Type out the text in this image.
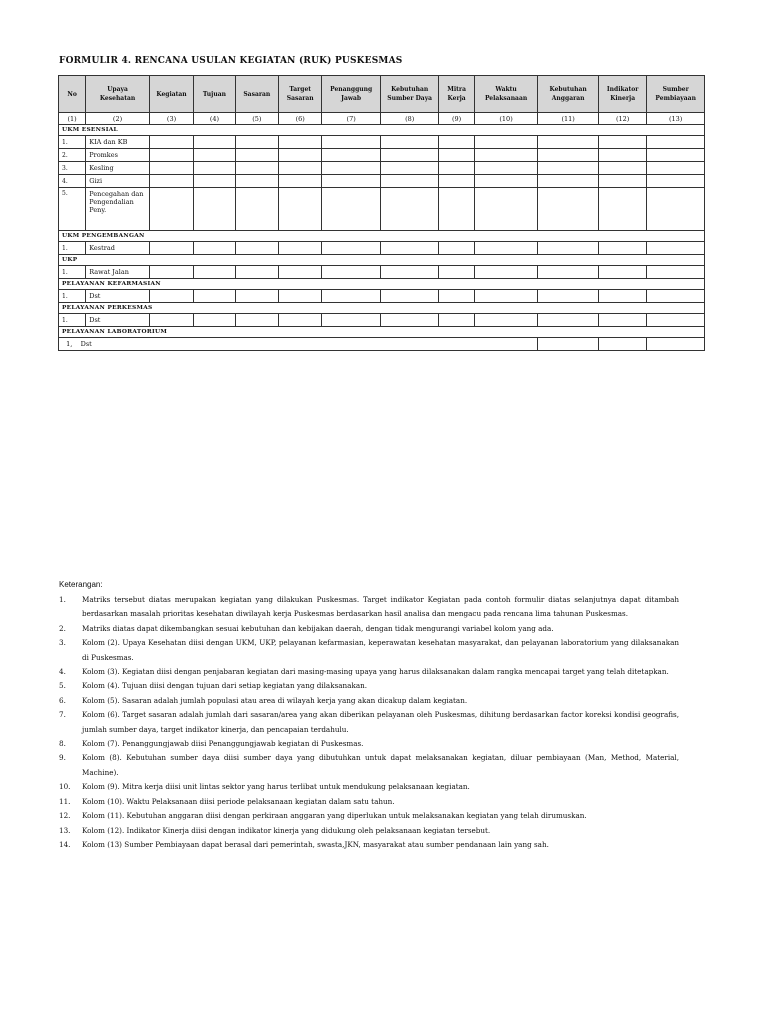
FORMULIR 4. RENCANA USULAN KEGIATAN (RUK) PUSKESMAS
No	Upaya Kesehatan	Kegiatan	Tujuan	Sasaran	Target Sasaran	Penanggung Jawab	Kebutuhan Sumber Daya	Mitra Kerja	Waktu Pelaksanaan	Kebutuhan Anggaran	Indikator Kinerja	Sumber Pembiayaan
(1)	(2)	(3)	(4)	(5)	(6)	(7)	(8)	(9)	(10)	(11)	(12)	(13)
UKM ESENSIAL												
1.	KIA dan KB											
2.	Promkes											
3.	Kesling											
4.	Gizi											
5.	Pencegahan dan Pengendalian Peny.											
UKM PENGEMBANGAN												
1.	Kestrad											
UKP												
1.	Rawat Jalan											
PELAYANAN KEFARMASIAN												
1.	Dst											
PELAYANAN PERKESMAS												
1.	Dst											
PELAYANAN LABORATORIUM												
1, Dst												
Keterangan:
1.	Matriks tersebut diatas merupakan kegiatan yang dilakukan Puskesmas. Target indikator Kegiatan pada contoh formulir diatas selanjutnya dapat ditambah berdasarkan masalah prioritas kesehatan diwilayah kerja Puskesmas berdasarkan hasil analisa dan mengacu pada rencana lima tahunan Puskesmas.
2.	Matriks diatas dapat dikembangkan sesuai kebutuhan dan kebijakan daerah, dengan tidak mengurangi variabel kolom yang ada.
3.	Kolom (2). Upaya Kesehatan diisi dengan UKM, UKP, pelayanan kefarmasian, keperawatan kesehatan masyarakat, dan pelayanan laboratorium yang dilaksanakan di Puskesmas.
4.	Kolom (3). Kegiatan diisi dengan penjabaran kegiatan dari masing-masing upaya yang harus dilaksanakan dalam rangka mencapai target yang telah ditetapkan.
5.	Kolom (4). Tujuan diisi dengan tujuan dari setiap kegiatan yang dilaksanakan.
6.	Kolom (5). Sasaran adalah jumlah populasi atau area di wilayah kerja yang akan dicakup dalam kegiatan.
7.	Kolom (6). Target sasaran adalah jumlah dari sasaran/area yang akan diberikan pelayanan oleh Puskesmas, dihitung berdasarkan factor koreksi kondisi geografis, jumlah sumber daya, target indikator kinerja, dan pencapaian terdahulu.
8.	Kolom (7). Penanggungjawab diisi Penanggungjawab kegiatan di Puskesmas.
9.	Kolom (8). Kebutuhan sumber daya diisi sumber daya yang dibutuhkan untuk dapat melaksanakan kegiatan, diluar pembiayaan (Man, Method, Material, Machine).
10.	Kolom (9). Mitra kerja diisi unit lintas sektor yang harus terlibat untuk mendukung pelaksanaan kegiatan.
11.	Kolom (10). Waktu Pelaksanaan diisi periode pelaksanaan kegiatan dalam satu tahun.
12.	Kolom (11). Kebutuhan anggaran diisi dengan perkiraan anggaran yang diperlukan untuk melaksanakan kegiatan yang telah dirumuskan.
13.	Kolom (12). Indikator Kinerja diisi dengan indikator kinerja yang didukung oleh pelaksanaan kegiatan tersebut.
14.	Kolom (13) Sumber Pembiayaan dapat berasal dari pemerintah, swasta,JKN, masyarakat atau sumber pendanaan lain yang sah.
